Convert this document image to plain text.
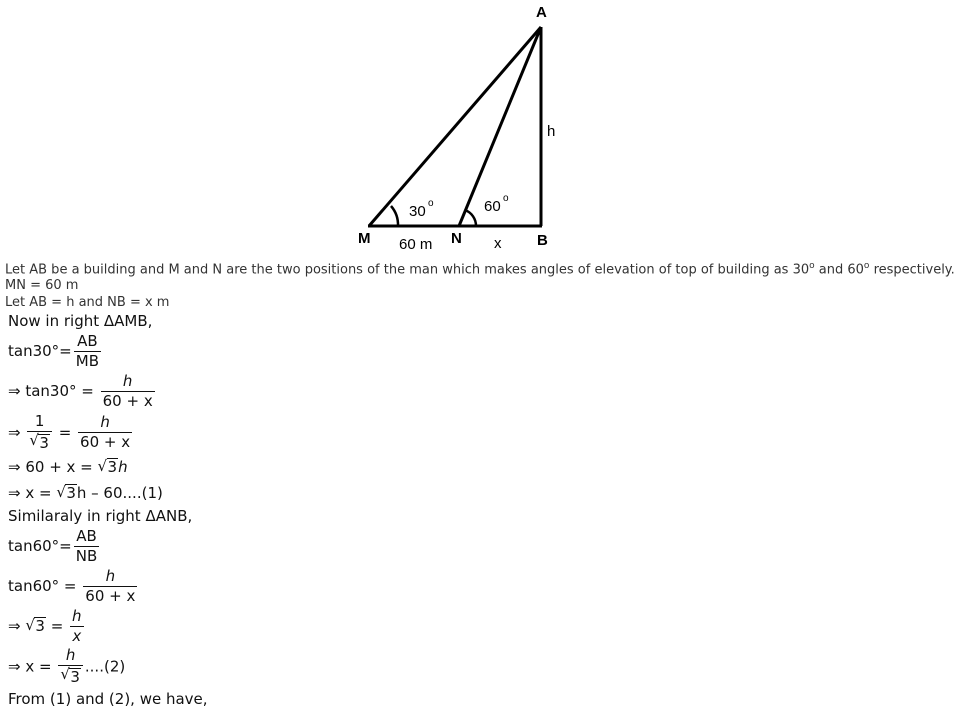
A
B
M	N
h
x
60 m
30 o	60 o
Let AB be a building and M and N are the two positions of the man which makes angles of elevation of top of building as 30$^o$ and 60$^o$ respectively.
MN = 60 m
Let AB = h and NB = x m
Now in right ΔAMB,
$\tan 30^\circ= \frac{AB}{MB}$
⇒ $\tan 30^\circ = \frac{h}{60 + x}$
⇒ $\frac{1}{√ 3} = \frac{h}{60 + x}$
⇒ 60 + x = √ 3h
⇒ x = √ 3h – 60....(1)
Similaraly in right ΔANB,
$\tan 60^\circ= \frac{AB}{NB}$
$\tan 60^\circ = \frac{h}{60 + x}$
⇒ √ $3 = \frac{h}{x}$
⇒ $x = \frac{h}{√ 3} ....(2)$
From (1) and (2), we have,
